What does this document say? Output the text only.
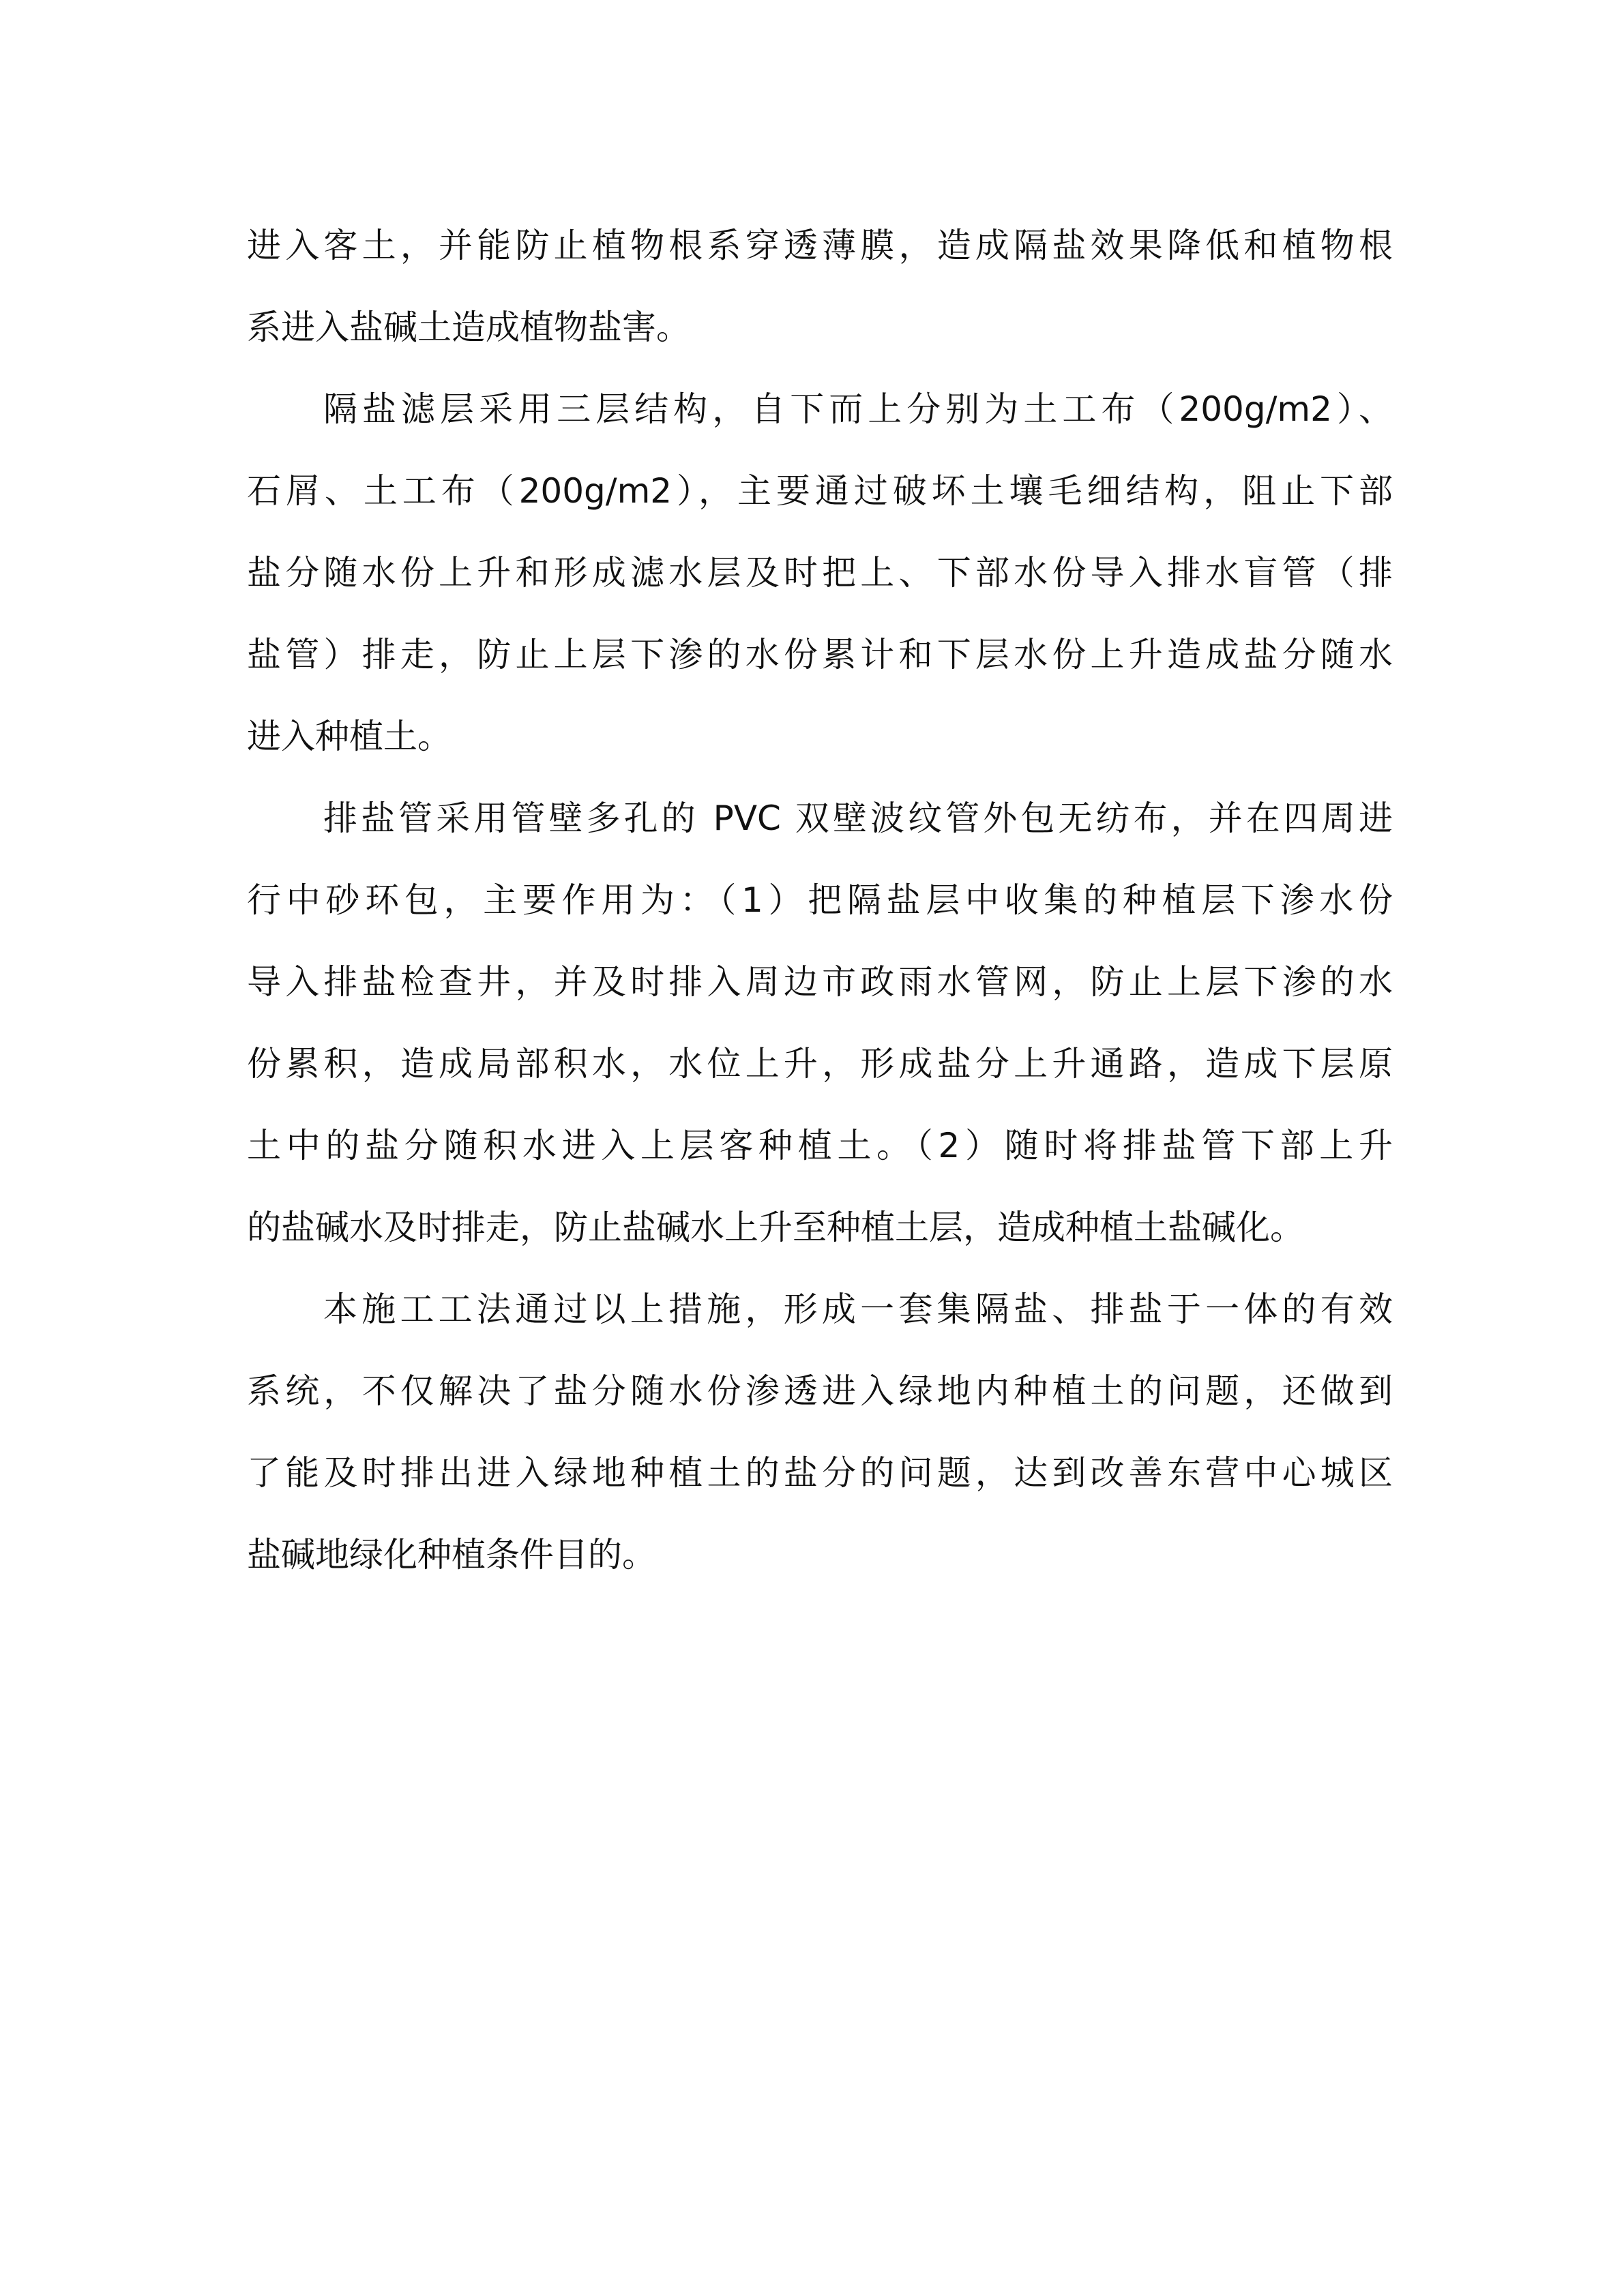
进入客土，并能防止植物根系穿透薄膜，造成隔盐效果降低和植物根
系进入盐碱土造成植物盐害。
隔盐滤层采用三层结构，自下而上分别为土工布（200g/m2）、
石屑、土工布（200g/m2），主要通过破坏土壤毛细结构，阻止下部
盐分随水份上升和形成滤水层及时把上、下部水份导入排水盲管（排
盐管）排走，防止上层下渗的水份累计和下层水份上升造成盐分随水
进入种植土。
排盐管采用管壁多孔的 PVC 双壁波纹管外包无纺布，并在四周进
行中砂环包，主要作用为：（1）把隔盐层中收集的种植层下渗水份
导入排盐检查井，并及时排入周边市政雨水管网，防止上层下渗的水
份累积，造成局部积水，水位上升，形成盐分上升通路，造成下层原
土中的盐分随积水进入上层客种植土。（2）随时将排盐管下部上升
的盐碱水及时排走，防止盐碱水上升至种植土层，造成种植土盐碱化。
本施工工法通过以上措施，形成一套集隔盐、排盐于一体的有效
系统，不仅解决了盐分随水份渗透进入绿地内种植土的问题，还做到
了能及时排出进入绿地种植土的盐分的问题，达到改善东营中心城区
盐碱地绿化种植条件目的。
